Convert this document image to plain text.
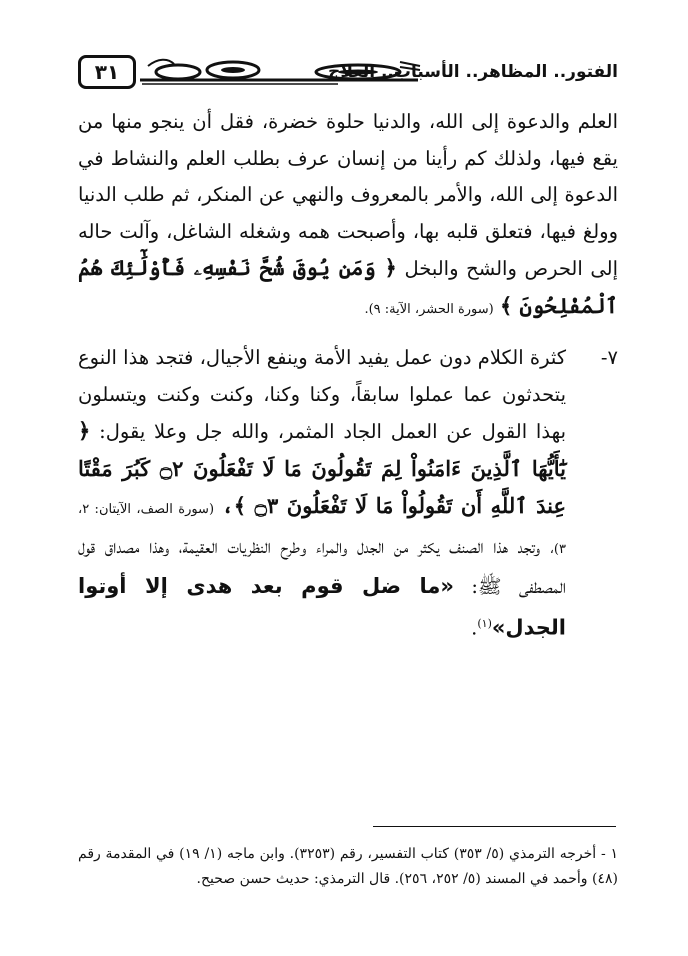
٣١	الفتور.. المظاهر.. الأسباب.. العلاج
العلم والدعوة إلى الله، والدنيا حلوة خضرة، فقل أن ينجو منها من يقع فيها، ولذلك كم رأينا من إنسان عرف بطلب العلم والنشاط في الدعوة إلى الله، والأمر بالمعروف والنهي عن المنكر، ثم طلب الدنيا وولغ فيها، فتعلق قلبه بها، وأصبحت همه وشغله الشاغل، وآلت حاله إلى الحرص والشح والبخل ﴿ وَمَن يُوقَ شُحَّ نَفْسِهِۦ فَأُوْلَٰٓئِكَ هُمُ ٱلْمُفْلِحُونَ ﴾ (سورة الحشر، الآية: ٩).
٧-
كثرة الكلام دون عمل يفيد الأمة وينفع الأجيال، فتجد هذا النوع يتحدثون عما عملوا سابقاً، وكنا وكنا، وكنت وكنت ويتسلون بهذا القول عن العمل الجاد المثمر، والله جل وعلا يقول: ﴿ يَٰٓأَيُّهَا ٱلَّذِينَ ءَامَنُواْ لِمَ تَقُولُونَ مَا لَا تَفْعَلُونَ ۝٢ كَبُرَ مَقْتًا عِندَ ٱللَّهِ أَن تَقُولُواْ مَا لَا تَفْعَلُونَ ۝٣ ﴾، (سورة الصف، الآيتان: ٢، ٣)، وتجد هذا الصنف يكثر من الجدل والمراء وطرح النظريات العقيمة، وهذا مصداق قول المصطفى ﷺ: «ما ضل قوم بعد هدى إلا أوتوا الجدل»$^{(١)}$.
١ - أخرجه الترمذي (٥/ ٣٥٣) كتاب التفسير، رقم (٣٢٥٣). وابن ماجه (١/ ١٩) في المقدمة رقم (٤٨) وأحمد في المسند (٥/ ٢٥٢، ٢٥٦). قال الترمذي: حديث حسن صحيح.
